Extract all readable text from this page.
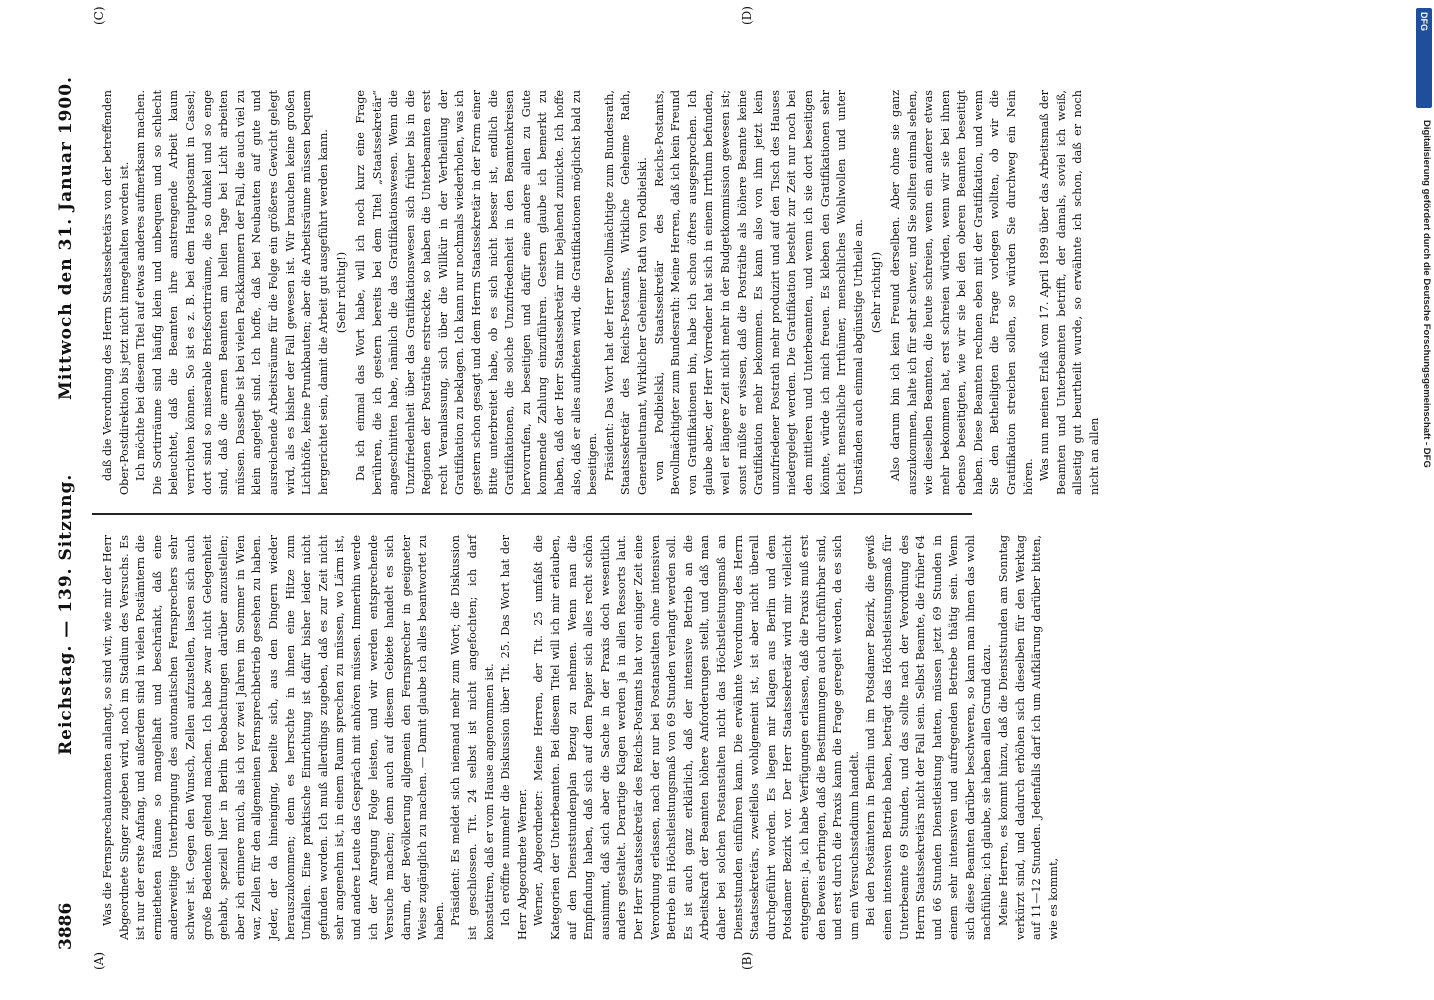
DFG
Digitalisierung gefördert durch die Deutsche Forschungsgemeinschaft - DFG
3886
Reichstag. — 139. Sitzung.
Mittwoch den 31. Januar 1900.
(A)	(B)
(C)	(D)

Was die Fernsprechautomaten anlangt, so sind wir, wie mir der Herr Abgeordnete Singer zugeben wird, noch im Stadium des Versuchs. Es ist nur der erste Anfang, und außerdem sind in vielen Postämtern die ermietheten Räume so mangelhaft und beschränkt, daß eine anderweitige Unterbringung des automatischen Fernsprechers sehr schwer ist. Gegen den Wunsch, Zellen aufzustellen, lassen sich auch große Bedenken geltend machen. Ich habe zwar nicht Gelegenheit gehabt, speziell hier in Berlin Beobachtungen darüber anzustellen; aber ich erinnere mich, als ich vor zwei Jahren im Sommer in Wien war, Zellen für den allgemeinen Fernsprechbetrieb gesehen zu haben. Jeder, der da hineinging, beeilte sich, aus den Dingern wieder herauszukommen; denn es herrschte in ihnen eine Hitze zum Umfallen. Eine praktische Einrichtung ist dafür bisher leider nicht gefunden worden. Ich muß allerdings zugeben, daß es zur Zeit nicht sehr angenehm ist, in einem Raum sprechen zu müssen, wo Lärm ist, und andere Leute das Gespräch mit anhören müssen. Immerhin werde ich der Anregung Folge leisten, und wir werden entsprechende Versuche machen; denn auch auf diesem Gebiete handelt es sich darum, der Bevölkerung allgemein den Fernsprecher in geeigneter Weise zugänglich zu machen. — Damit glaube ich alles beantwortet zu haben. Präsident: Es meldet sich niemand mehr zum Wort; die Diskussion ist geschlossen. Tit. 24 selbst ist nicht angefochten; ich darf konstatiren, daß er vom Hause angenommen ist. Ich eröffne nunmehr die Diskussion über Tit. 25. Das Wort hat der Herr Abgeordnete Werner. Werner, Abgeordneter: Meine Herren, der Tit. 25 umfaßt die Kategorien der Unterbeamten. Bei diesem Titel will ich mir erlauben, auf den Dienststundenplan Bezug zu nehmen. Wenn man die Empfindung haben, daß sich auf dem Papier sich alles recht schön ausnimmt, daß sich aber die Sache in der Praxis doch wesentlich anders gestaltet. Derartige Klagen werden ja in allen Ressorts laut. Der Herr Staatssekretär des Reichs-Postamts hat vor einiger Zeit eine Verordnung erlassen, nach der nur bei Postanstalten ohne intensiven Betrieb ein Höchstleistungsmaß von 69 Stunden verlangt werden soll. Es ist auch ganz erklärlich, daß der intensive Betrieb an die Arbeitskraft der Beamten höhere Anforderungen stellt, und daß man daher bei solchen Postanstalten nicht das Höchstleistungsmaß an Dienststunden einführen kann. Die erwähnte Verordnung des Herrn Staatssekretärs, zweifellos wohlgemeint ist, ist aber nicht überall durchgeführt worden. Es liegen mir Klagen aus Berlin und dem Potsdamer Bezirk vor. Der Herr Staatssekretär wird mir vielleicht entgegnen: ja, ich habe Verfügungen erlassen, daß die Praxis muß erst den Beweis erbringen, daß die Bestimmungen auch durchführbar sind, und erst durch die Praxis kann die Frage geregelt werden, da es sich um ein Versuchsstadium handelt. Bei den Postämtern in Berlin und im Potsdamer Bezirk, die gewiß einen intensiven Betrieb haben, beträgt das Höchstleistungsmaß für Unterbeamte 69 Stunden, und das sollte nach der Verordnung des Herrn Staatssekretärs nicht der Fall sein. Selbst Beamte, die früher 64 und 66 Stunden Dienstleistung hatten, müssen jetzt 69 Stunden in einem sehr intensiven und aufregenden Betriebe thätig sein. Wenn sich diese Beamten darüber beschweren, so kann man ihnen das wohl nachfühlen; ich glaube, sie haben allen Grund dazu. Meine Herren, es kommt hinzu, daß die Dienststunden am Sonntag verkürzt sind, und dadurch erhöhen sich dieselben für den Werktag auf 11—12 Stunden. Jedenfalls darf ich um Aufklärung darüber bitten, wie es kommt,

daß die Verordnung des Herrn Staatssekretärs von der betreffenden Ober-Postdirektion bis jetzt nicht innegehalten worden ist. Ich möchte bei diesem Titel auf etwas anderes aufmerksam machen. Die Sortirräume sind häufig klein und unbequem und so schlecht beleuchtet, daß die Beamten ihre anstrengende Arbeit kaum verrichten können. So ist es z. B. bei dem Hauptpostamt in Cassel; dort sind so miserable Briefsortirräume, die so dunkel und so enge sind, daß die armen Beamten am hellen Tage bei Licht arbeiten müssen. Dasselbe ist bei vielen Packkammern der Fall, die auch viel zu klein angelegt sind. Ich hoffe, daß bei Neubauten auf gute und ausreichende Arbeitsräume für die Folge ein größeres Gewicht gelegt wird, als es bisher der Fall gewesen ist. Wir brauchen keine großen Lichthöfe, keine Prunkbauten; aber die Arbeitsräume müssen bequem hergerichtet sein, damit die Arbeit gut ausgeführt werden kann. (Sehr richtig!) Da ich einmal das Wort habe, will ich noch kurz eine Frage berühren, die ich gestern bereits bei dem Titel „Staatssekretär“ angeschnitten habe, nämlich die das Gratifikationswesen. Wenn die Unzufriedenheit über das Gratifikationswesen sich früher bis in die Regionen der Posträthe erstreckte, so haben die Unterbeamten erst recht Veranlassung, sich über die Willkür in der Vertheilung der Gratifikation zu beklagen. Ich kann nur nochmals wiederholen, was ich gestern schon gesagt und dem Herrn Staatssekretär in der Form einer Bitte unterbreitet habe, ob es sich nicht besser ist, endlich die Gratifikationen, die solche Unzufriedenheit in den Beamtenkreisen hervorrufen, zu beseitigen und dafür eine andere allen zu Gute kommende Zahlung einzuführen. Gestern glaube ich bemerkt zu haben, daß der Herr Staatssekretär mir bejahend zunickte. Ich hoffe also, daß er alles aufbieten wird, die Gratifikationen möglichst bald zu beseitigen. Präsident: Das Wort hat der Herr Bevollmächtigte zum Bundesrath, Staatssekretär des Reichs-Postamts, Wirkliche Geheime Rath, Generalleutnant, Wirklicher Geheimer Rath von Podbielski. von Podbielski, Staatssekretär des Reichs-Postamts, Bevollmächtigter zum Bundesrath: Meine Herren, daß ich kein Freund von Gratifikationen bin, habe ich schon öfters ausgesprochen. Ich glaube aber, der Herr Vorredner hat sich in einem Irrthum befunden, weil er längere Zeit nicht mehr in der Budgetkommission gewesen ist; sonst müßte er wissen, daß die Posträthe als höhere Beamte keine Gratifikation mehr bekommen. Es kann also von ihm jetzt kein unzufriedener Postrath mehr produzirt und auf den Tisch des Hauses niedergelegt werden. Die Gratifikation besteht zur Zeit nur noch bei den mittleren und Unterbeamten, und wenn ich sie dort beseitigen könnte, würde ich mich freuen. Es kleben den Gratifikationen sehr leicht menschliche Irrthümer, menschliches Wohlwollen und unter Umständen auch einmal abgünstige Urtheile an. (Sehr richtig!) Also darum bin ich kein Freund derselben. Aber ohne sie ganz auszukommen, halte ich für sehr schwer, und Sie sollten einmal sehen, wie dieselben Beamten, die heute schreien, wenn ein anderer etwas mehr bekommen hat, erst schreien würden, wenn wir sie bei ihnen ebenso beseitigten, wie wir sie bei den oberen Beamten beseitigt haben. Diese Beamten rechnen eben mit der Gratifikation, und wenn Sie den Betheiligten die Frage vorlegen wollten, ob wir die Gratifikation streichen sollen, so würden Sie durchweg ein Nein hören. Was nun meinen Erlaß vom 17. April 1899 über das Arbeitsmaß der Beamten und Unterbeamten betrifft, der damals, soviel ich weiß, allseitig gut beurtheilt wurde, so erwähnte ich schon, daß er noch nicht an allen
